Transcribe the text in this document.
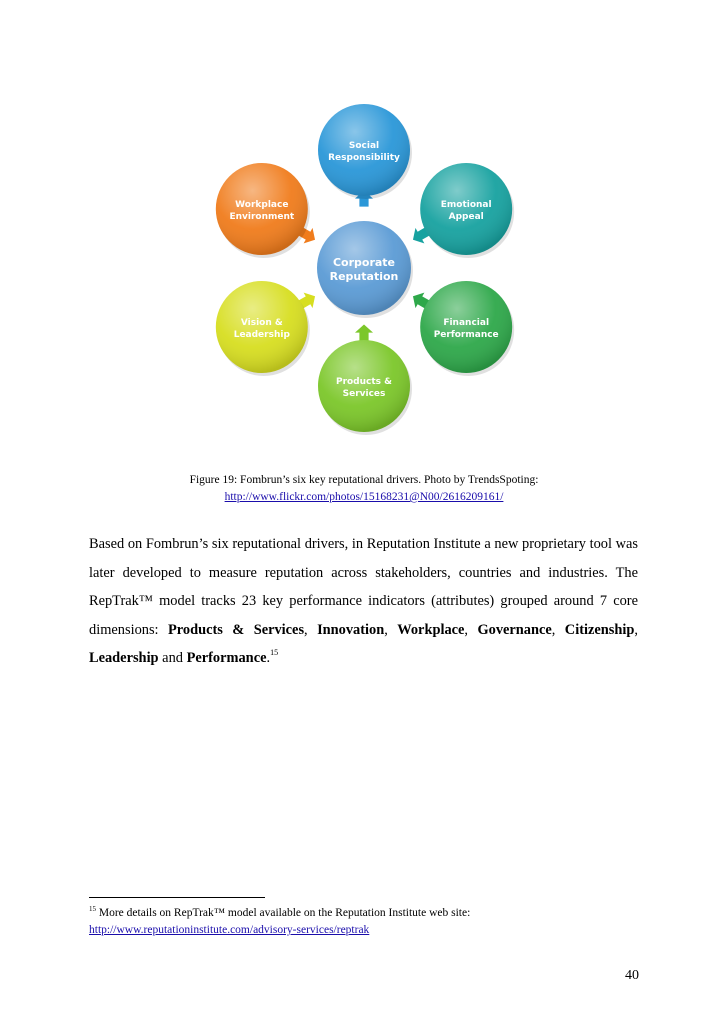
Social
Responsibility
Emotional
Appeal
Financial
Performance
Products &
Services
Vision &
Leadership
Workplace
Environment
Corporate
Reputation
Figure 19: Fombrun’s six key reputational drivers. Photo by TrendsSpoting:
http://www.flickr.com/photos/15168231@N00/2616209161/
Based on Fombrun’s six reputational drivers, in Reputation Institute a new proprietary tool was later developed to measure reputation across stakeholders, countries and industries. The RepTrak™ model tracks 23 key performance indicators (attributes) grouped around 7 core dimensions: Products & Services, Innovation, Workplace, Governance, Citizenship, Leadership and Performance.$^{15}$
$^{15}$ More details on RepTrak™ model available on the Reputation Institute web site:
http://www.reputationinstitute.com/advisory-services/reptrak
40
